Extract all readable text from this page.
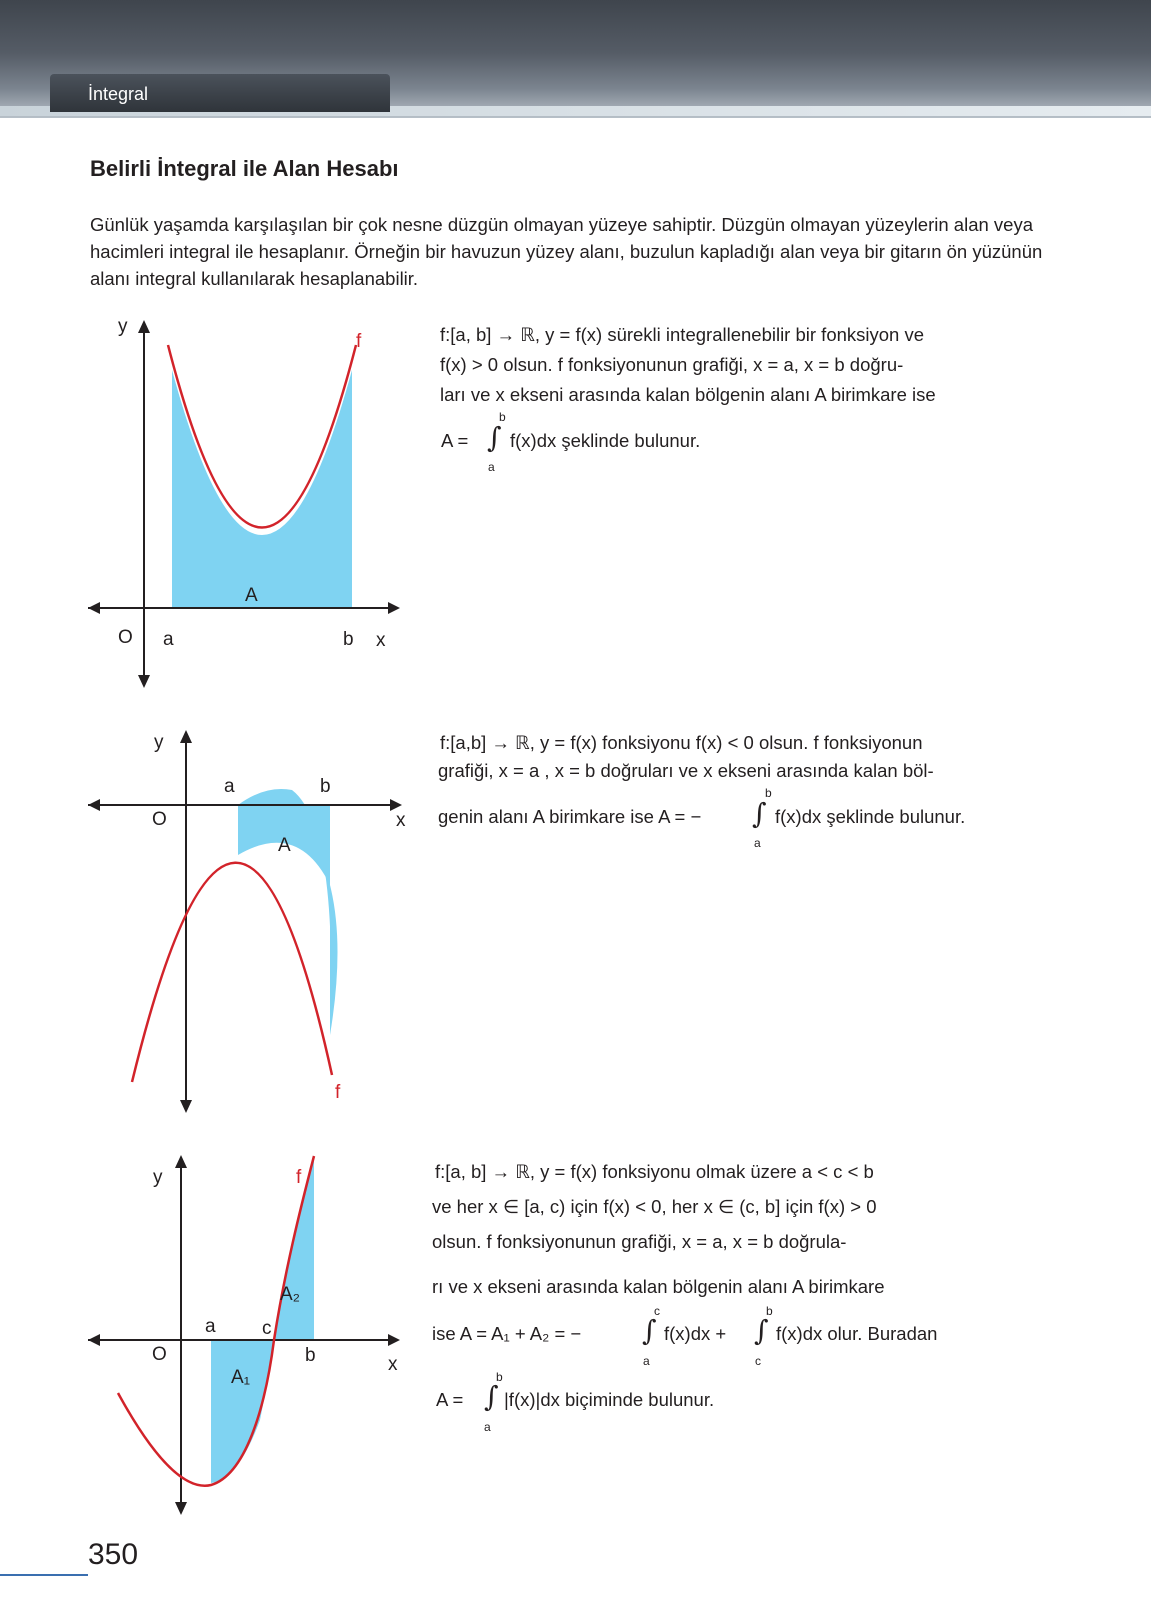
İntegral
Belirli İntegral ile Alan Hesabı
Günlük yaşamda karşılaşılan bir çok nesne düzgün olmayan yüzeye sahiptir. Düzgün olmayan yüzeylerin alan veya hacimleri integral ile hesaplanır. Örneğin bir havuzun yüzey alanı, buzulun kapladığı alan veya bir gitarın ön yüzünün alanı integral kullanılarak hesaplanabilir.
y
O a	b x
f
A
f:[a, b] → ℝ, y = f(x) sürekli integrallenebilir bir fonksiyon ve
f(x) > 0 olsun. f fonksiyonunun grafiği, x = a, x = b doğru-
ları ve x ekseni arasında kalan bölgenin alanı A birimkare ise
A = ∫
b
a
f(x)dx şeklinde bulunur.
y
O
a	b
x
f
A
f:[a,b] → ℝ, y = f(x) fonksiyonu f(x) < 0 olsun. f fonksiyonun
grafiği, x = a , x = b doğruları ve x ekseni arasında kalan böl-
genin alanı A birimkare ise A = − ∫
b
a
f(x)dx şeklinde bulunur.
y
O
a c
b	x
f
A₂
A₁
f:[a, b] → ℝ, y = f(x) fonksiyonu olmak üzere a < c < b
ve her x ∈ [a, c) için f(x) < 0, her x ∈ (c, b] için f(x) > 0
olsun. f fonksiyonunun grafiği, x = a, x = b doğrula-
rı ve x ekseni arasında kalan bölgenin alanı A birimkare
ise A = A₁ + A₂ = − ∫
c
a
f(x)dx + ∫
b
c
f(x)dx olur. Buradan
A = ∫
b
a
|f(x)|dx biçiminde bulunur.
350
